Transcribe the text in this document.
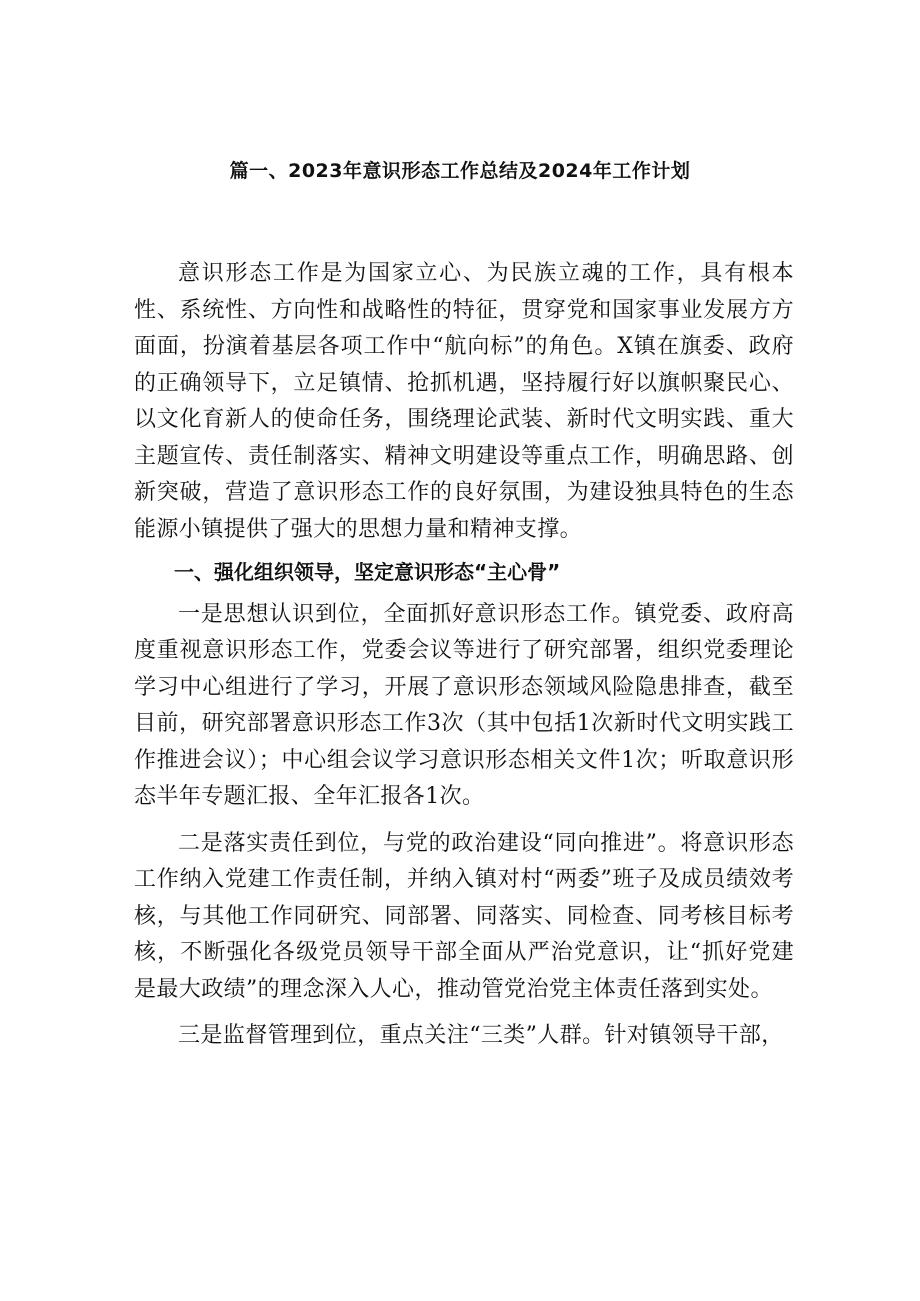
篇一、2023年意识形态工作总结及2024年工作计划

意识形态工作是为国家立心、为民族立魂的工作，具有根本性、系统性、方向性和战略性的特征，贯穿党和国家事业发展方方面面，扮演着基层各项工作中“航向标”的角色。X镇在旗委、政府的正确领导下，立足镇情、抢抓机遇，坚持履行好以旗帜聚民心、以文化育新人的使命任务，围绕理论武装、新时代文明实践、重大主题宣传、责任制落实、精神文明建设等重点工作，明确思路、创新突破，营造了意识形态工作的良好氛围，为建设独具特色的生态能源小镇提供了强大的思想力量和精神支撑。

一、强化组织领导，坚定意识形态“主心骨”

一是思想认识到位，全面抓好意识形态工作。镇党委、政府高度重视意识形态工作，党委会议等进行了研究部署，组织党委理论学习中心组进行了学习，开展了意识形态领域风险隐患排查，截至目前，研究部署意识形态工作3次（其中包括1次新时代文明实践工作推进会议）；中心组会议学习意识形态相关文件1次；听取意识形态半年专题汇报、全年汇报各1次。

二是落实责任到位，与党的政治建设“同向推进”。将意识形态工作纳入党建工作责任制，并纳入镇对村“两委”班子及成员绩效考核，与其他工作同研究、同部署、同落实、同检查、同考核目标考核，不断强化各级党员领导干部全面从严治党意识，让“抓好党建是最大政绩”的理念深入人心，推动管党治党主体责任落到实处。

三是监督管理到位，重点关注“三类”人群。针对镇领导干部，
